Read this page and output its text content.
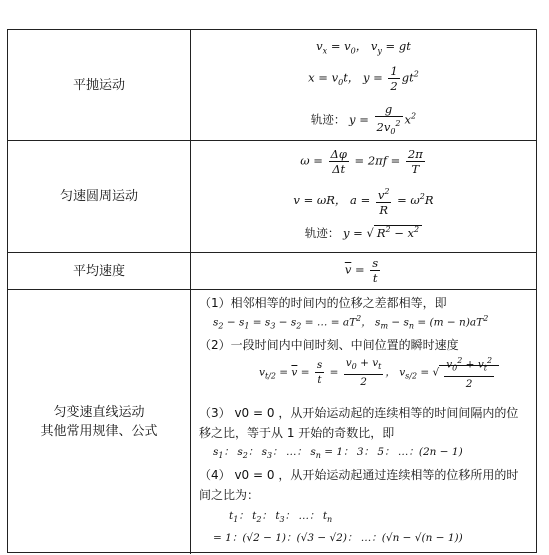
平抛运动
$v_x = v_0$， $v_y$ = gt
$x = v_0t$， $y = \frac{1}{2} gt^2$
轨迹： $y = \frac{g}{2v_0^2} x^2$
匀速圆周运动
$\omega = \frac{\Delta\varphi}{\Delta t} = 2\pi f = \frac{2\pi}{T}$
v = ωR， $a = \frac{v^2}{R} = \omega^2R$
轨迹： y = √ $R^2 - x^2$
平均速度	$\overline{v} = \frac{s}{t}$
匀变速直线运动
其他常用规律、公式
（1）相邻相等的时间内的位移之差都相等，即
$s_2 - s_1 = s_3 - s_2$ = … = $aT^2$， $s_m - s_n = (m - n)aT^2$
（2）一段时间内中间时刻、中间位置的瞬时速度
$v_{t/2} = \overline{v} = \frac{s}{t} = \frac{v_0 + v_t}{2}$ ， $v_{s/2}$ = √ $\frac{v_0^2 + v_t^2}{2}$
（3） v0 = 0 ，从开始运动起的连续相等的时间间隔内的位
移之比，等于从 1 开始的奇数比，即
$s_1$： $s_2$： $s_3$： …： $s_n = 1$： 3： 5： …：(2n − 1)
（4） v0 = 0 ，从开始运动起通过连续相等的位移所用的时
间之比为：
$t_1$： $t_2$： $t_3$： …： $t_n$
= 1：(√2 − 1)：(√3 − √2)： …：(√n − √(n − 1))
